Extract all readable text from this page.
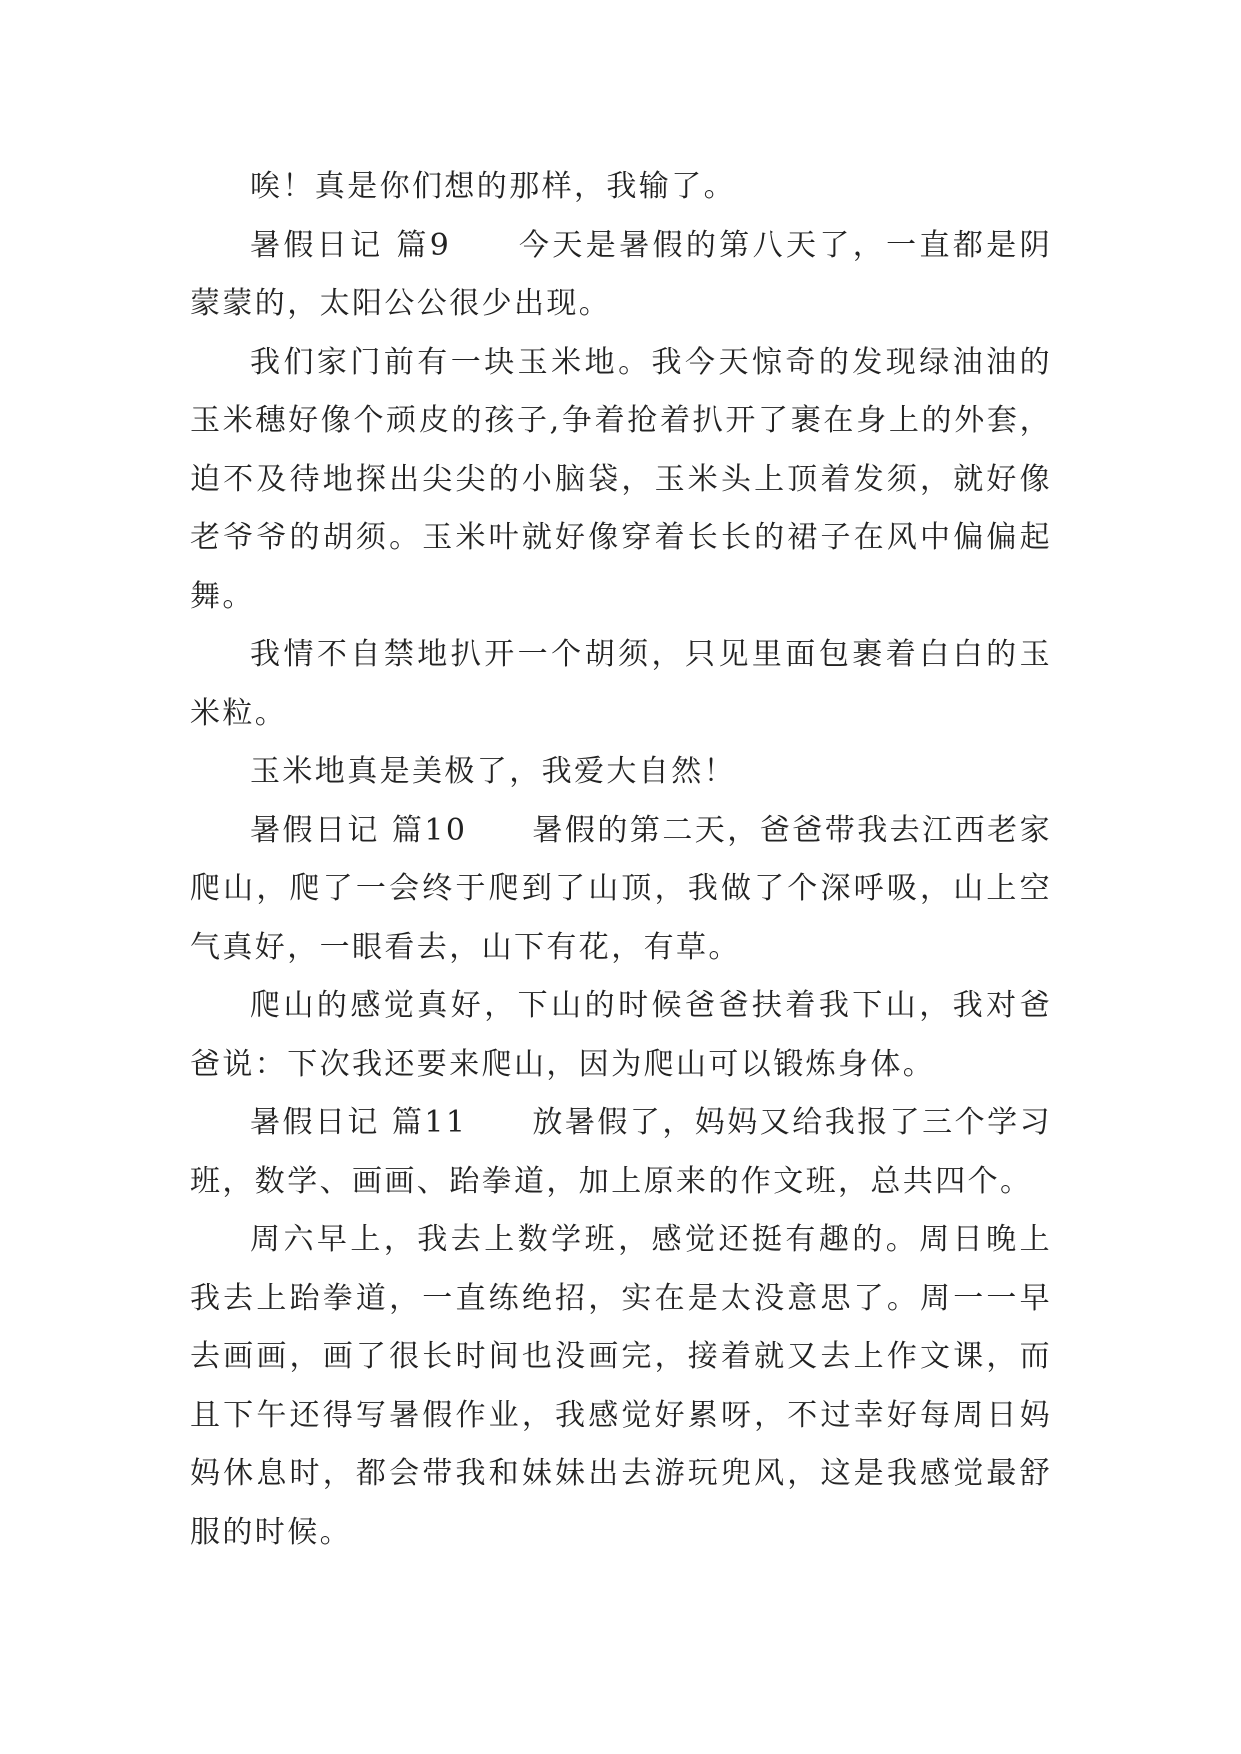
唉！真是你们想的那样，我输了。

暑假日记 篇9　　今天是暑假的第八天了，一直都是阴蒙蒙的，太阳公公很少出现。

我们家门前有一块玉米地。我今天惊奇的发现绿油油的玉米穗好像个顽皮的孩子,争着抢着扒开了裹在身上的外套，迫不及待地探出尖尖的小脑袋，玉米头上顶着发须，就好像老爷爷的胡须。玉米叶就好像穿着长长的裙子在风中偏偏起舞。

我情不自禁地扒开一个胡须，只见里面包裹着白白的玉米粒。

玉米地真是美极了，我爱大自然！

暑假日记 篇10　　暑假的第二天，爸爸带我去江西老家爬山，爬了一会终于爬到了山顶，我做了个深呼吸，山上空气真好，一眼看去，山下有花，有草。

爬山的感觉真好，下山的时候爸爸扶着我下山，我对爸爸说：下次我还要来爬山，因为爬山可以锻炼身体。

暑假日记 篇11　　放暑假了，妈妈又给我报了三个学习班，数学、画画、跆拳道，加上原来的作文班，总共四个。

周六早上，我去上数学班，感觉还挺有趣的。周日晚上我去上跆拳道，一直练绝招，实在是太没意思了。周一一早去画画，画了很长时间也没画完，接着就又去上作文课，而且下午还得写暑假作业，我感觉好累呀，不过幸好每周日妈妈休息时，都会带我和妹妹出去游玩兜风，这是我感觉最舒服的时候。
